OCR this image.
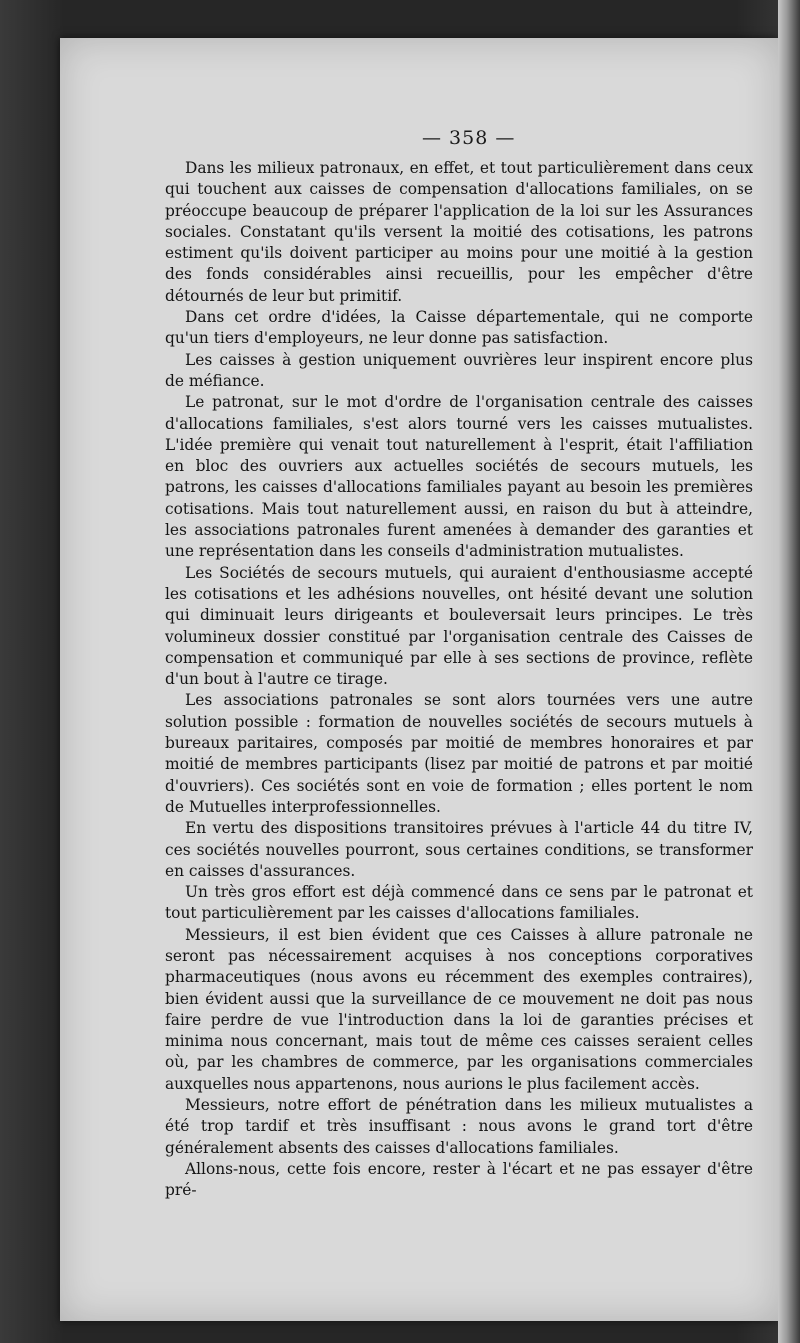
— 358 —

Dans les milieux patronaux, en effet, et tout particulièrement dans ceux qui touchent aux caisses de compensation d'allocations familiales, on se préoccupe beaucoup de préparer l'application de la loi sur les Assurances sociales. Constatant qu'ils versent la moitié des cotisations, les patrons estiment qu'ils doivent participer au moins pour une moitié à la gestion des fonds considérables ainsi recueillis, pour les empêcher d'être détournés de leur but primitif.

Dans cet ordre d'idées, la Caisse départementale, qui ne comporte qu'un tiers d'employeurs, ne leur donne pas satisfaction.

Les caisses à gestion uniquement ouvrières leur inspirent encore plus de méfiance.

Le patronat, sur le mot d'ordre de l'organisation centrale des caisses d'allocations familiales, s'est alors tourné vers les caisses mutualistes. L'idée première qui venait tout naturellement à l'esprit, était l'affiliation en bloc des ouvriers aux actuelles sociétés de secours mutuels, les patrons, les caisses d'allocations familiales payant au besoin les premières cotisations. Mais tout naturellement aussi, en raison du but à atteindre, les associations patronales furent amenées à demander des garanties et une représentation dans les conseils d'administration mutualistes.

Les Sociétés de secours mutuels, qui auraient d'enthousiasme accepté les cotisations et les adhésions nouvelles, ont hésité devant une solution qui diminuait leurs dirigeants et bouleversait leurs principes. Le très volumineux dossier constitué par l'organisation centrale des Caisses de compensation et communiqué par elle à ses sections de province, reflète d'un bout à l'autre ce tirage.

Les associations patronales se sont alors tournées vers une autre solution possible : formation de nouvelles sociétés de secours mutuels à bureaux paritaires, composés par moitié de membres honoraires et par moitié de membres participants (lisez par moitié de patrons et par moitié d'ouvriers). Ces sociétés sont en voie de formation ; elles portent le nom de Mutuelles interprofessionnelles.

En vertu des dispositions transitoires prévues à l'article 44 du titre IV, ces sociétés nouvelles pourront, sous certaines conditions, se transformer en caisses d'assurances.

Un très gros effort est déjà commencé dans ce sens par le patronat et tout particulièrement par les caisses d'allocations familiales.

Messieurs, il est bien évident que ces Caisses à allure patronale ne seront pas nécessairement acquises à nos conceptions corporatives pharmaceutiques (nous avons eu récemment des exemples contraires), bien évident aussi que la surveillance de ce mouvement ne doit pas nous faire perdre de vue l'introduction dans la loi de garanties précises et minima nous concernant, mais tout de même ces caisses seraient celles où, par les chambres de commerce, par les organisations commerciales auxquelles nous appartenons, nous aurions le plus facilement accès.

Messieurs, notre effort de pénétration dans les milieux mutualistes a été trop tardif et très insuffisant : nous avons le grand tort d'être généralement absents des caisses d'allocations familiales.

Allons-nous, cette fois encore, rester à l'écart et ne pas essayer d'être pré-
